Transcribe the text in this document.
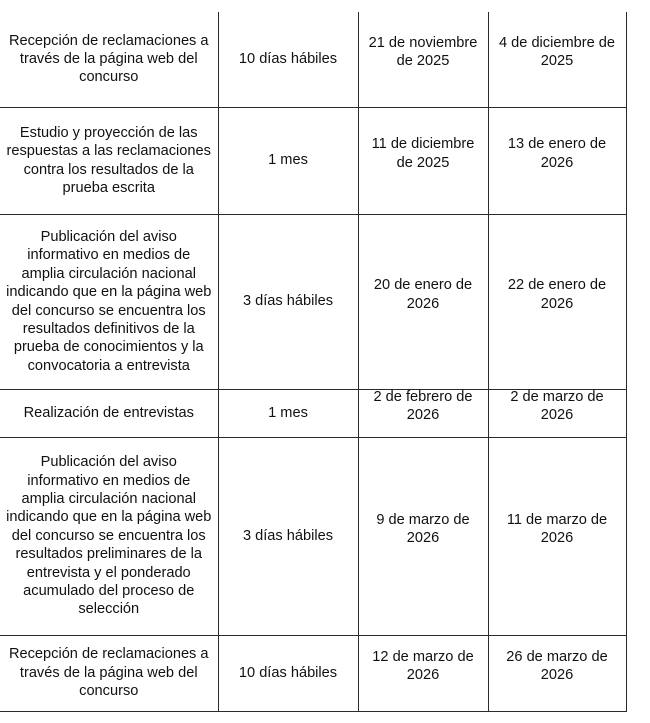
Recepción de reclamaciones a través de la página web del concurso	10 días hábiles	21 de noviembre de 2025	4 de diciembre de 2025
Estudio y proyección de las respuestas a las reclamaciones contra los resultados de la prueba escrita	1 mes	11 de diciembre de 2025	13 de enero de 2026
Publicación del aviso informativo en medios de amplia circulación nacional indicando que en la página web del concurso se encuentra los resultados definitivos de la prueba de conocimientos y la convocatoria a entrevista	3 días hábiles	20 de enero de 2026	22 de enero de 2026
Realización de entrevistas	1 mes	2 de febrero de 2026	2 de marzo de 2026
Publicación del aviso informativo en medios de amplia circulación nacional indicando que en la página web del concurso se encuentra los resultados preliminares de la entrevista y el ponderado acumulado del proceso de selección	3 días hábiles	9 de marzo de 2026	11 de marzo de 2026
Recepción de reclamaciones a través de la página web del concurso	10 días hábiles	12 de marzo de 2026	26 de marzo de 2026
